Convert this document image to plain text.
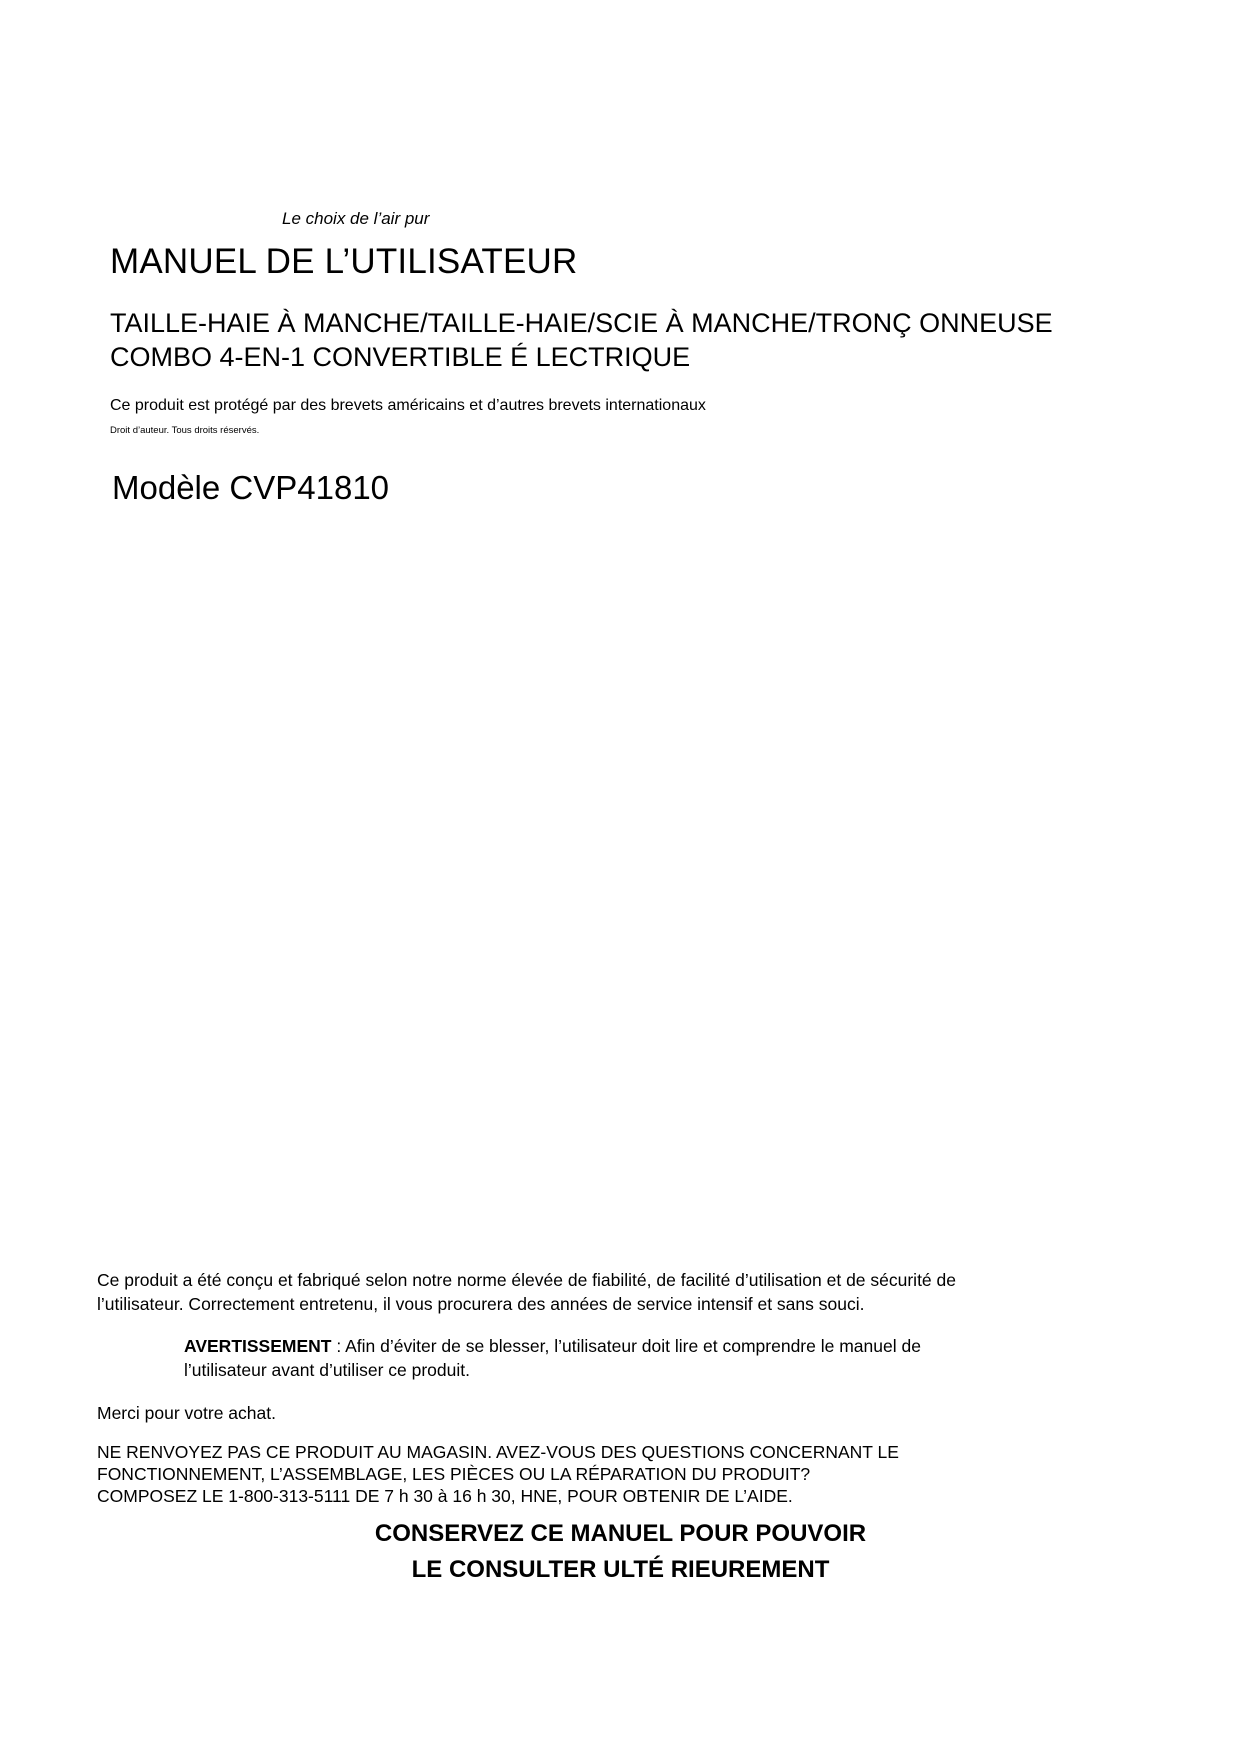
Le choix de l’air pur

MANUEL DE L’UTILISATEUR
TAILLE-HAIE À MANCHE/TAILLE-HAIE/SCIE À MANCHE/TRONÇ ONNEUSE
COMBO 4-EN-1 CONVERTIBLE É LECTRIQUE

Ce produit est protégé par des brevets américains et d’autres brevets internationaux

Droit d’auteur. Tous droits réservés.

Modèle CVP41810
Ce produit a été conçu et fabriqué selon notre norme élevée de fiabilité, de facilité d’utilisation et de sécurité de
l’utilisateur. Correctement entretenu, il vous procurera des années de service intensif et sans souci.
AVERTISSEMENT : Afin d’éviter de se blesser, l’utilisateur doit lire et comprendre le manuel de
l’utilisateur avant d’utiliser ce produit.

Merci pour votre achat.

NE RENVOYEZ PAS CE PRODUIT AU MAGASIN. AVEZ-VOUS DES QUESTIONS CONCERNANT LE
FONCTIONNEMENT, L’ASSEMBLAGE, LES PIÈCES OU LA RÉPARATION DU PRODUIT?
COMPOSEZ LE 1-800-313-5111 DE 7 h 30 à 16 h 30, HNE, POUR OBTENIR DE L’AIDE.
CONSERVEZ CE MANUEL POUR POUVOIR
LE CONSULTER ULTÉ RIEUREMENT
